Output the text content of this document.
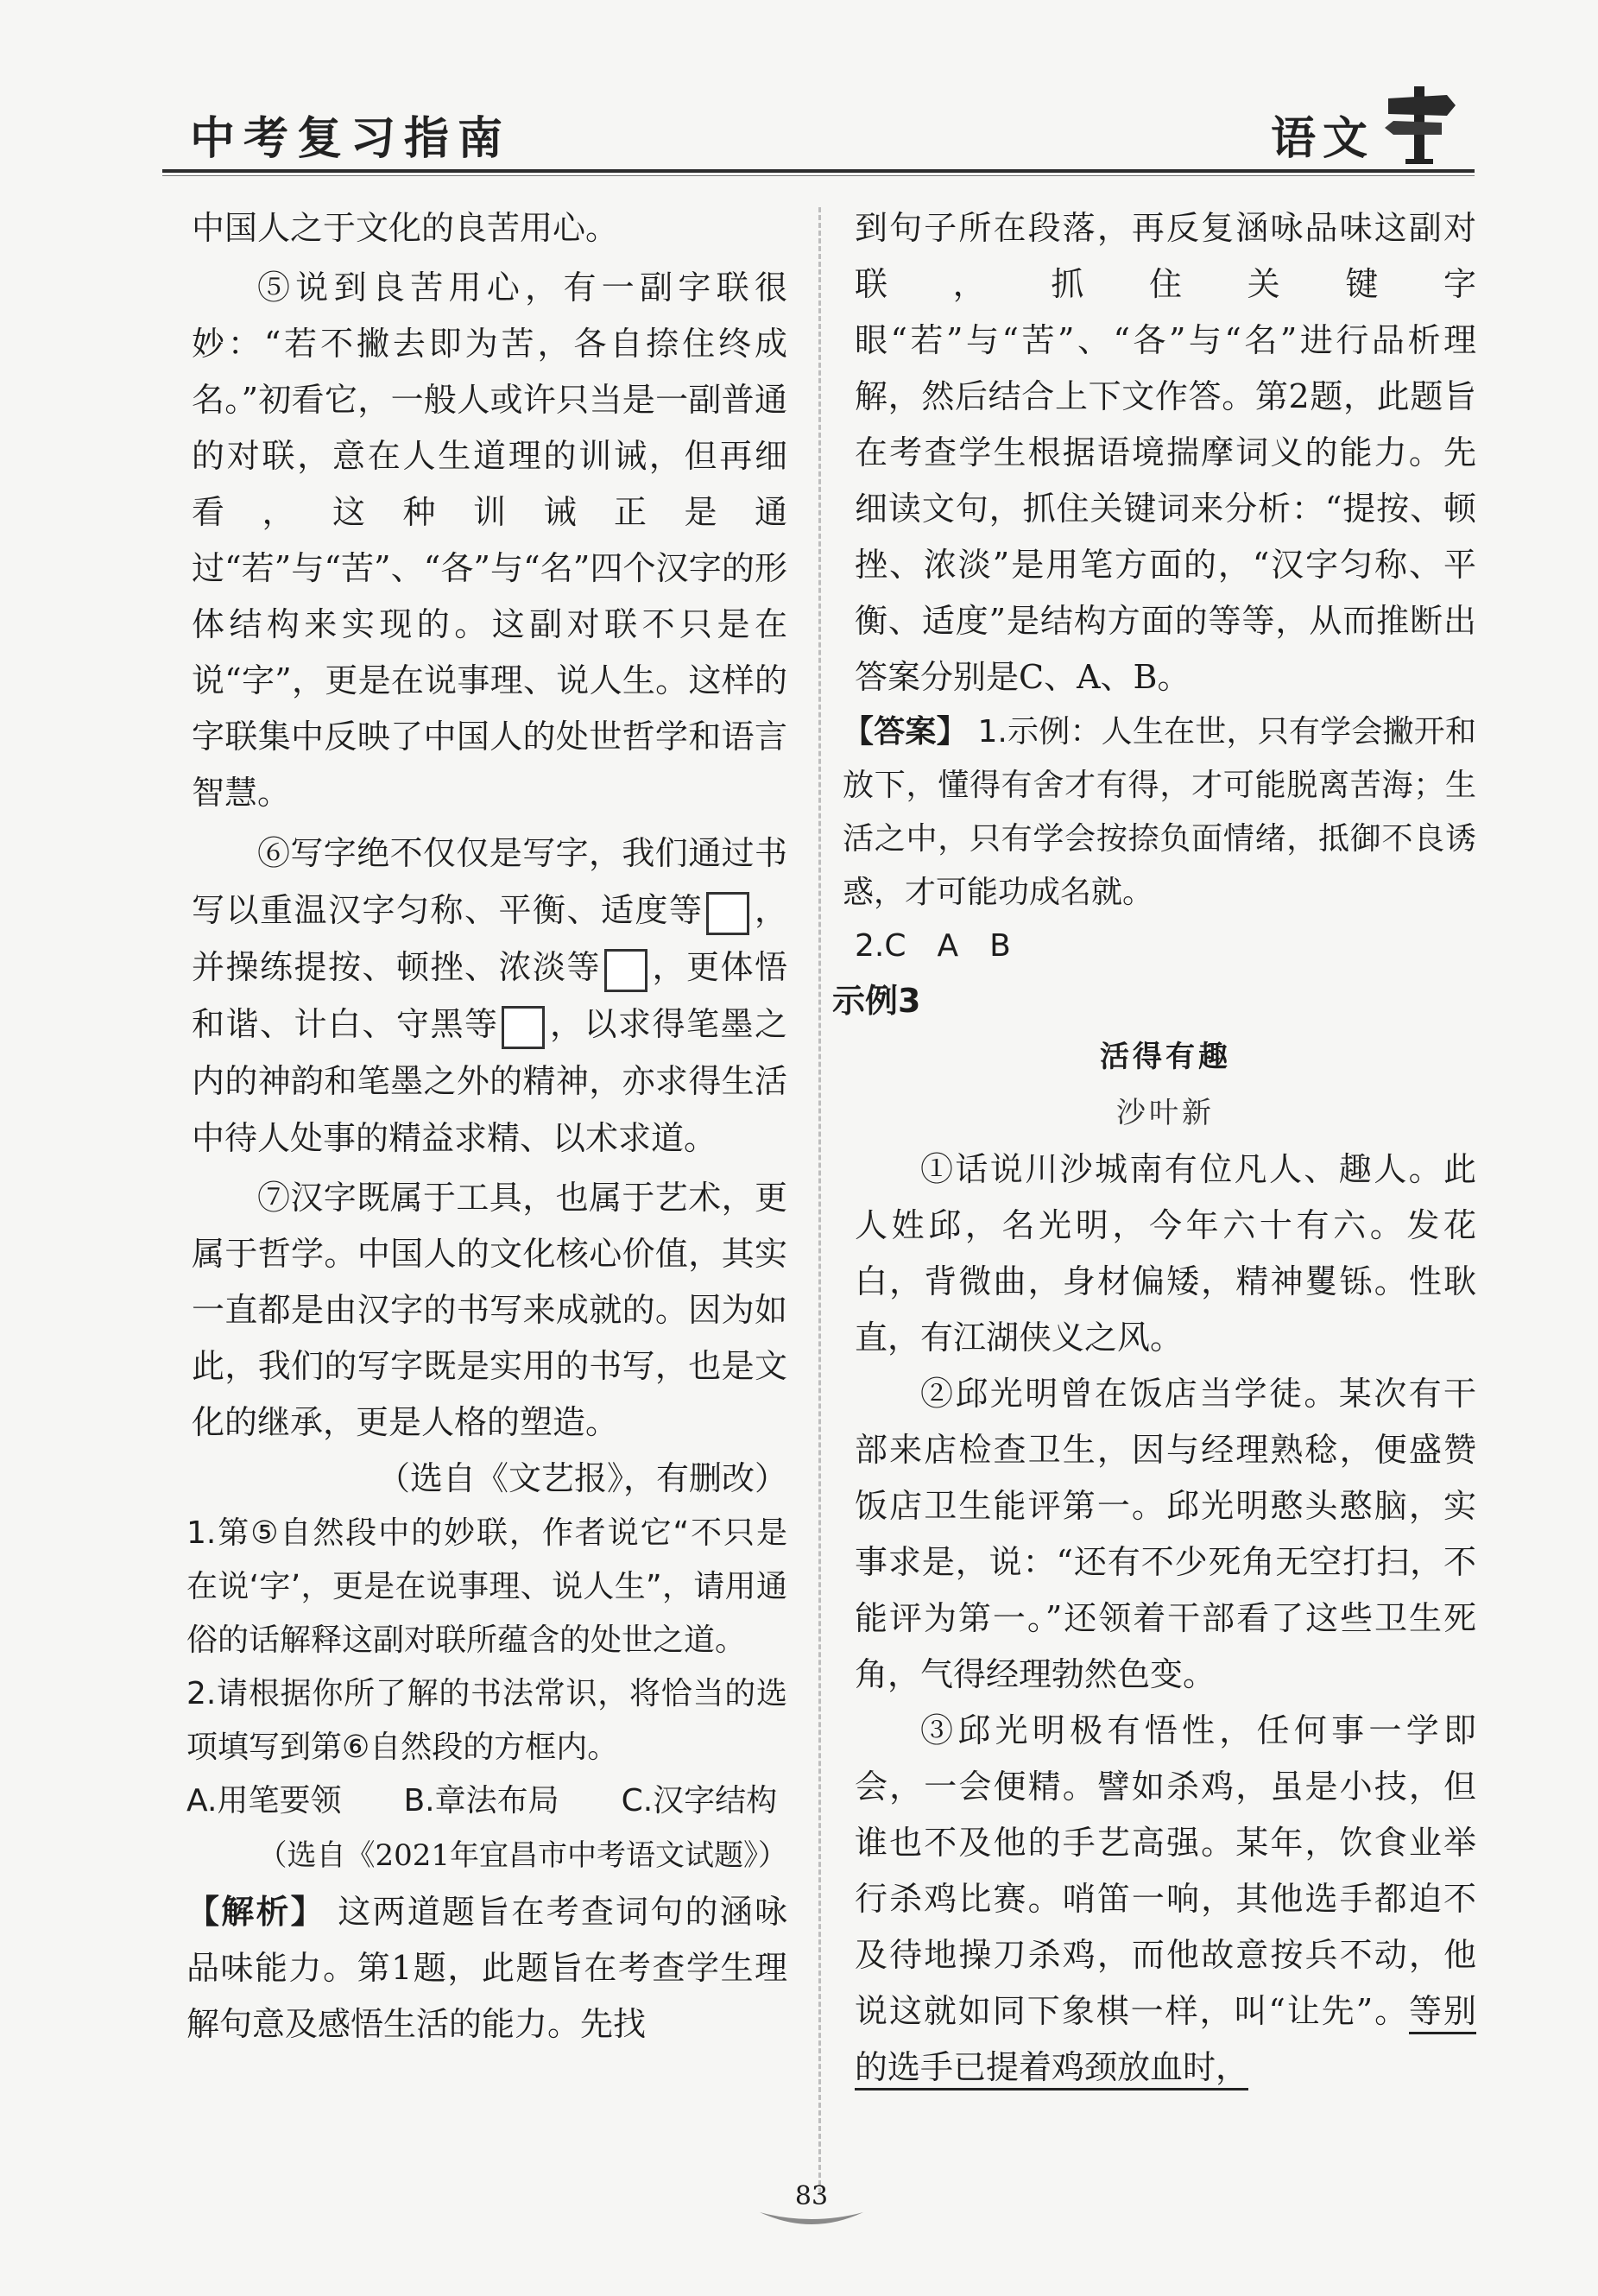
中考复习指南	语文

中国人之于文化的良苦用心。

⑤说到良苦用心，有一副字联很妙：“若不撇去即为苦，各自捺住终成名。”初看它，一般人或许只当是一副普通的对联，意在人生道理的训诫，但再细看，这种训诫正是通过“若”与“苦”、“各”与“名”四个汉字的形体结构来实现的。这副对联不只是在说“字”，更是在说事理、说人生。这样的字联集中反映了中国人的处世哲学和语言智慧。

⑥写字绝不仅仅是写字，我们通过书写以重温汉字匀称、平衡、适度等 ，并操练提按、顿挫、浓淡等 ，更体悟和谐、计白、守黑等 ，以求得笔墨之内的神韵和笔墨之外的精神，亦求得生活中待人处事的精益求精、以术求道。

⑦汉字既属于工具，也属于艺术，更属于哲学。中国人的文化核心价值，其实一直都是由汉字的书写来成就的。因为如此，我们的写字既是实用的书写，也是文化的继承，更是人格的塑造。

（选自《文艺报》，有删改）

1.第⑤自然段中的妙联，作者说它“不只是在说‘字’，更是在说事理、说人生”，请用通俗的话解释这副对联所蕴含的处世之道。

2.请根据你所了解的书法常识，将恰当的选项填写到第⑥自然段的方框内。

A.用笔要领　　B.章法布局　　C.汉字结构

（选自《2021年宜昌市中考语文试题》）

【解析】 这两道题旨在考查词句的涵咏品味能力。第1题，此题旨在考查学生理解句意及感悟生活的能力。先找

到句子所在段落，再反复涵咏品味这副对联，抓住关键字眼“若”与“苦”、“各”与“名”进行品析理解，然后结合上下文作答。第2题，此题旨在考查学生根据语境揣摩词义的能力。先细读文句，抓住关键词来分析：“提按、顿挫、浓淡”是用笔方面的，“汉字匀称、平衡、适度”是结构方面的等等，从而推断出答案分别是C、A、B。

【答案】 1.示例：人生在世，只有学会撇开和放下，懂得有舍才有得，才可能脱离苦海；生活之中，只有学会按捺负面情绪，抵御不良诱惑，才可能功成名就。

2.C　A　B

示例3

活得有趣

沙叶新

①话说川沙城南有位凡人、趣人。此人姓邱，名光明，今年六十有六。发花白，背微曲，身材偏矮，精神矍铄。性耿直，有江湖侠义之风。

②邱光明曾在饭店当学徒。某次有干部来店检查卫生，因与经理熟稔，便盛赞饭店卫生能评第一。邱光明憨头憨脑，实事求是，说：“还有不少死角无空打扫，不能评为第一。”还领着干部看了这些卫生死角，气得经理勃然色变。

③邱光明极有悟性，任何事一学即会，一会便精。譬如杀鸡，虽是小技，但谁也不及他的手艺高强。某年，饮食业举行杀鸡比赛。哨笛一响，其他选手都迫不及待地操刀杀鸡，而他故意按兵不动，他说这就如同下象棋一样，叫“让先”。等别的选手已提着鸡颈放血时，

83
